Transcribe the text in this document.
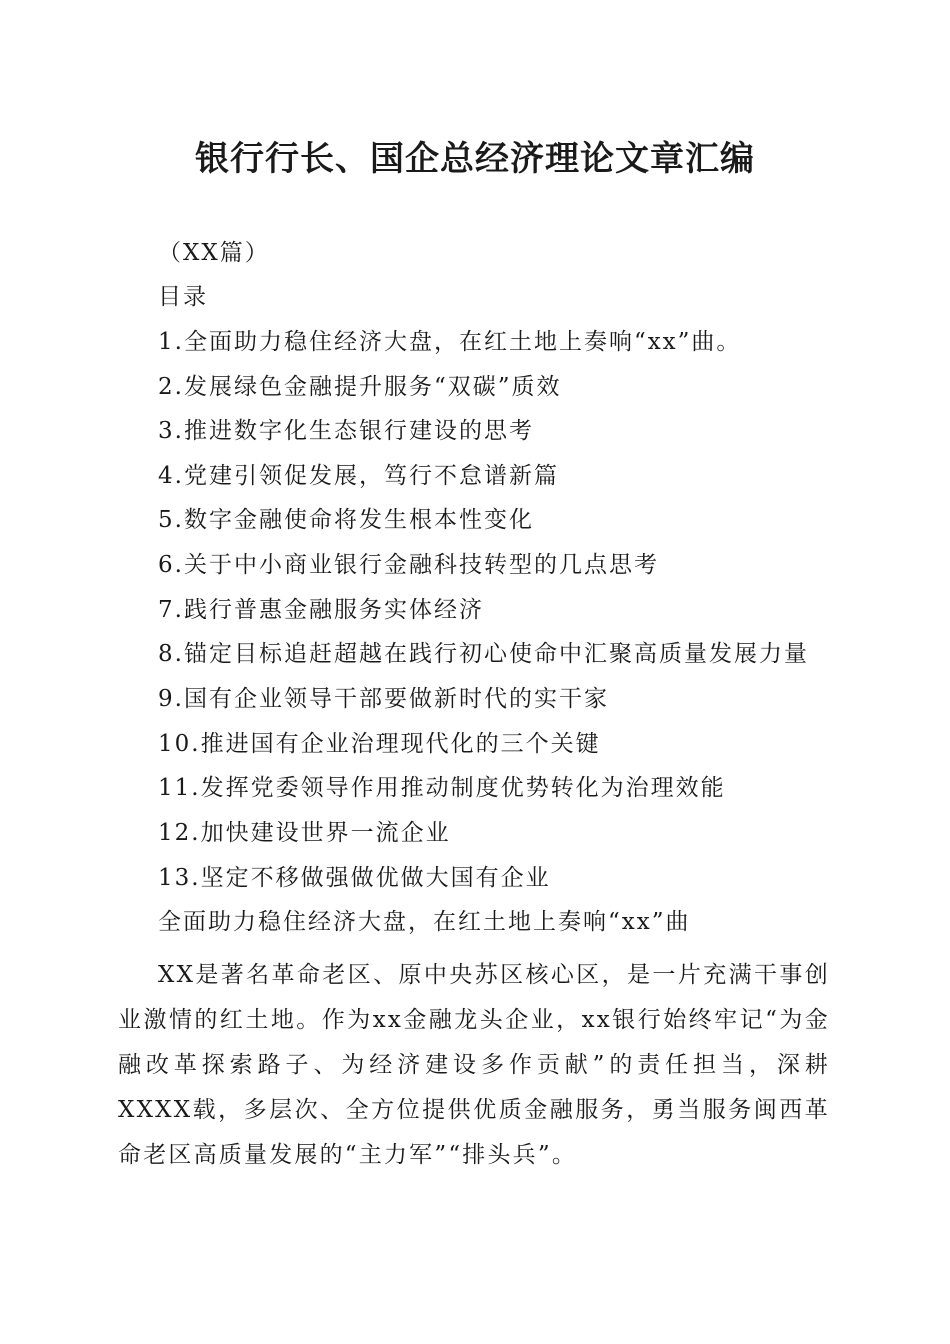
银行行长、国企总经济理论文章汇编
（XX篇）
目录
1.全面助力稳住经济大盘，在红土地上奏响“xx”曲。
2.发展绿色金融提升服务“双碳”质效
3.推进数字化生态银行建设的思考
4.党建引领促发展，笃行不怠谱新篇
5.数字金融使命将发生根本性变化
6.关于中小商业银行金融科技转型的几点思考
7.践行普惠金融服务实体经济
8.锚定目标追赶超越在践行初心使命中汇聚高质量发展力量
9.国有企业领导干部要做新时代的实干家
10.推进国有企业治理现代化的三个关键
11.发挥党委领导作用推动制度优势转化为治理效能
12.加快建设世界一流企业
13.坚定不移做强做优做大国有企业
全面助力稳住经济大盘，在红土地上奏响“xx”曲
XX是著名革命老区、原中央苏区核心区，是一片充满干事创业激情的红土地。作为xx金融龙头企业，xx银行始终牢记“为金融改革探索路子、为经济建设多作贡献”的责任担当，深耕XXXX载，多层次、全方位提供优质金融服务，勇当服务闽西革命老区高质量发展的“主力军”“排头兵”。
